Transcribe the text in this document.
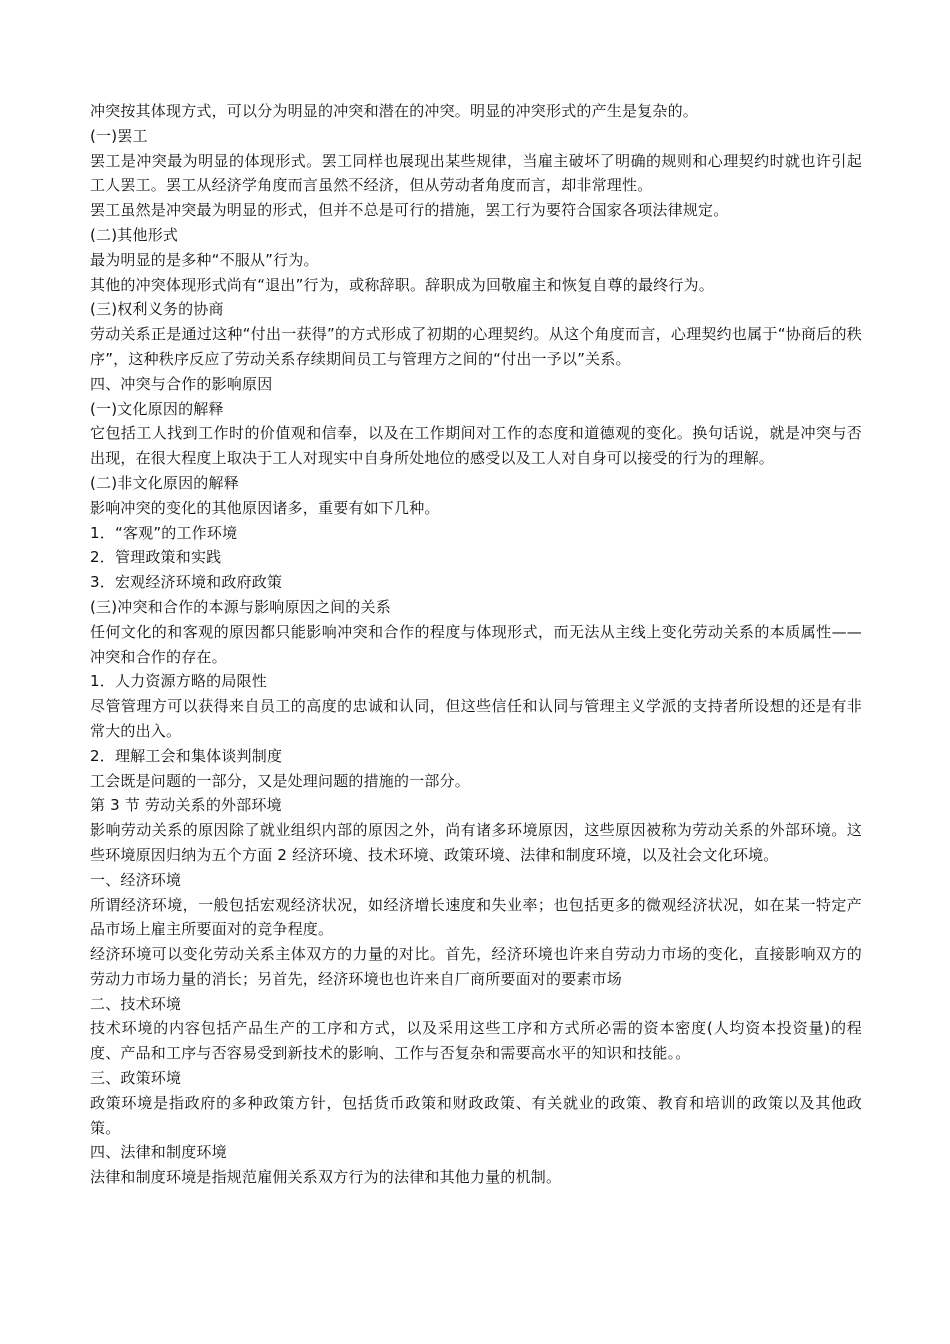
冲突按其体现方式，可以分为明显的冲突和潜在的冲突。明显的冲突形式的产生是复杂的。

(一)罢工

罢工是冲突最为明显的体现形式。罢工同样也展现出某些规律，当雇主破坏了明确的规则和心理契约时就也许引起工人罢工。罢工从经济学角度而言虽然不经济，但从劳动者角度而言，却非常理性。

罢工虽然是冲突最为明显的形式，但并不总是可行的措施，罢工行为要符合国家各项法律规定。

(二)其他形式

最为明显的是多种“不服从”行为。

其他的冲突体现形式尚有“退出”行为，或称辞职。辞职成为回敬雇主和恢复自尊的最终行为。

(三)权利义务的协商

劳动关系正是通过这种“付出一获得”的方式形成了初期的心理契约。从这个角度而言，心理契约也属于“协商后的秩序”，这种秩序反应了劳动关系存续期间员工与管理方之间的“付出一予以”关系。

四、冲突与合作的影响原因

(一)文化原因的解释

它包括工人找到工作时的价值观和信奉，以及在工作期间对工作的态度和道德观的变化。换句话说，就是冲突与否出现，在很大程度上取决于工人对现实中自身所处地位的感受以及工人对自身可以接受的行为的理解。

(二)非文化原因的解释

影响冲突的变化的其他原因诸多，重要有如下几种。

1．“客观”的工作环境

2．管理政策和实践

3．宏观经济环境和政府政策

(三)冲突和合作的本源与影响原因之间的关系

任何文化的和客观的原因都只能影响冲突和合作的程度与体现形式，而无法从主线上变化劳动关系的本质属性——冲突和合作的存在。

1．人力资源方略的局限性

尽管管理方可以获得来自员工的高度的忠诚和认同，但这些信任和认同与管理主义学派的支持者所设想的还是有非常大的出入。

2．理解工会和集体谈判制度

工会既是问题的一部分，又是处理问题的措施的一部分。

第 3 节 劳动关系的外部环境

影响劳动关系的原因除了就业组织内部的原因之外，尚有诸多环境原因，这些原因被称为劳动关系的外部环境。这些环境原因归纳为五个方面 2 经济环境、技术环境、政策环境、法律和制度环境，以及社会文化环境。

一、经济环境

所谓经济环境，一般包括宏观经济状况，如经济增长速度和失业率；也包括更多的微观经济状况，如在某一特定产品市场上雇主所要面对的竞争程度。

经济环境可以变化劳动关系主体双方的力量的对比。首先，经济环境也许来自劳动力市场的变化，直接影响双方的劳动力市场力量的消长；另首先，经济环境也也许来自厂商所要面对的要素市场

二、技术环境

技术环境的内容包括产品生产的工序和方式，以及采用这些工序和方式所必需的资本密度(人均资本投资量)的程度、产品和工序与否容易受到新技术的影响、工作与否复杂和需要高水平的知识和技能。。

三、政策环境

政策环境是指政府的多种政策方针，包括货币政策和财政政策、有关就业的政策、教育和培训的政策以及其他政策。

四、法律和制度环境

法律和制度环境是指规范雇佣关系双方行为的法律和其他力量的机制。
